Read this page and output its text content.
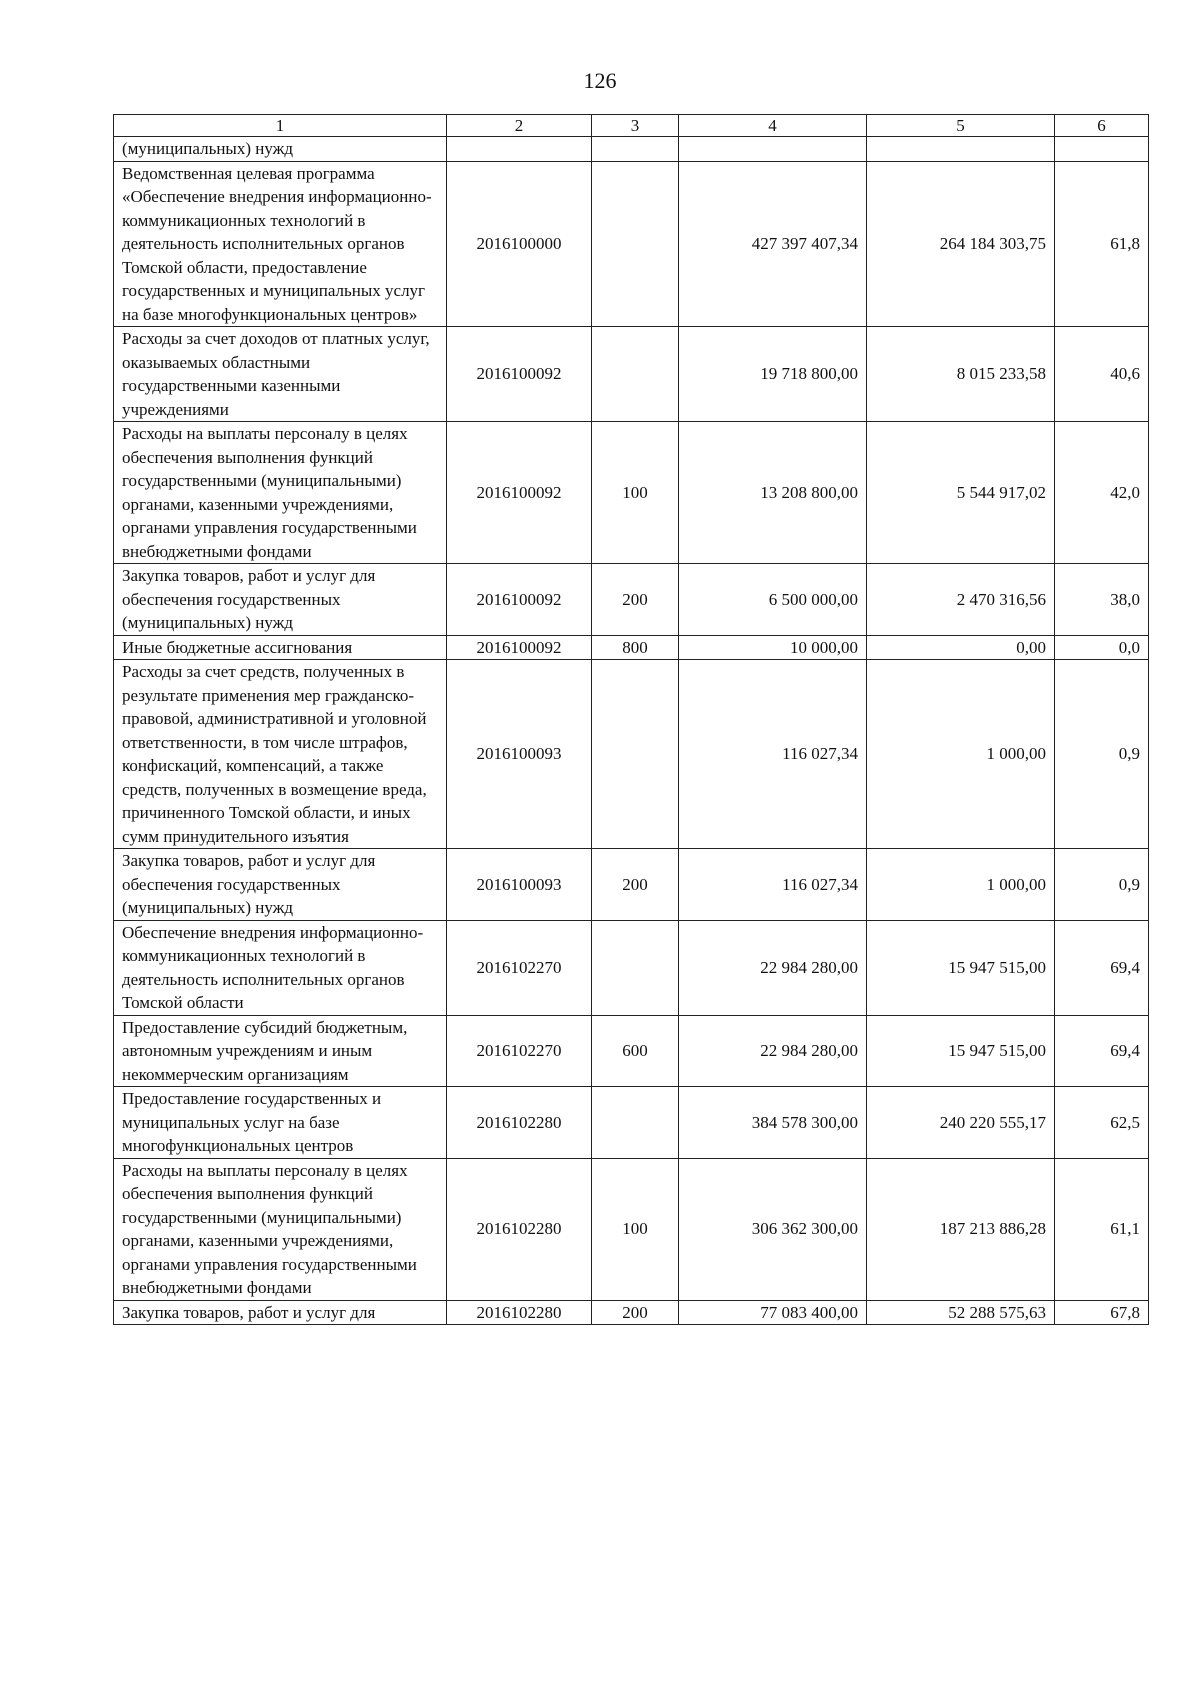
126
1	2	3	4	5	6
(муниципальных) нужд					
Ведомственная целевая программа «Обеспечение внедрения информационно-коммуникационных технологий в деятельность исполнительных органов Томской области, предоставление государственных и муниципальных услуг на базе многофункциональных центров»	2016100000		427 397 407,34	264 184 303,75	61,8
Расходы за счет доходов от платных услуг, оказываемых областными государственными казенными учреждениями	2016100092		19 718 800,00	8 015 233,58	40,6
Расходы на выплаты персоналу в целях обеспечения выполнения функций государственными (муниципальными) органами, казенными учреждениями, органами управления государственными внебюджетными фондами	2016100092	100	13 208 800,00	5 544 917,02	42,0
Закупка товаров, работ и услуг для обеспечения государственных (муниципальных) нужд	2016100092	200	6 500 000,00	2 470 316,56	38,0
Иные бюджетные ассигнования	2016100092	800	10 000,00	0,00	0,0
Расходы за счет средств, полученных в результате применения мер гражданско-правовой, административной и уголовной ответственности, в том числе штрафов, конфискаций, компенсаций, а также средств, полученных в возмещение вреда, причиненного Томской области, и иных сумм принудительного изъятия	2016100093		116 027,34	1 000,00	0,9
Закупка товаров, работ и услуг для обеспечения государственных (муниципальных) нужд	2016100093	200	116 027,34	1 000,00	0,9
Обеспечение внедрения информационно-коммуникационных технологий в деятельность исполнительных органов Томской области	2016102270		22 984 280,00	15 947 515,00	69,4
Предоставление субсидий бюджетным, автономным учреждениям и иным некоммерческим организациям	2016102270	600	22 984 280,00	15 947 515,00	69,4
Предоставление государственных и муниципальных услуг на базе многофункциональных центров	2016102280		384 578 300,00	240 220 555,17	62,5
Расходы на выплаты персоналу в целях обеспечения выполнения функций государственными (муниципальными) органами, казенными учреждениями, органами управления государственными внебюджетными фондами	2016102280	100	306 362 300,00	187 213 886,28	61,1
Закупка товаров, работ и услуг для	2016102280	200	77 083 400,00	52 288 575,63	67,8
